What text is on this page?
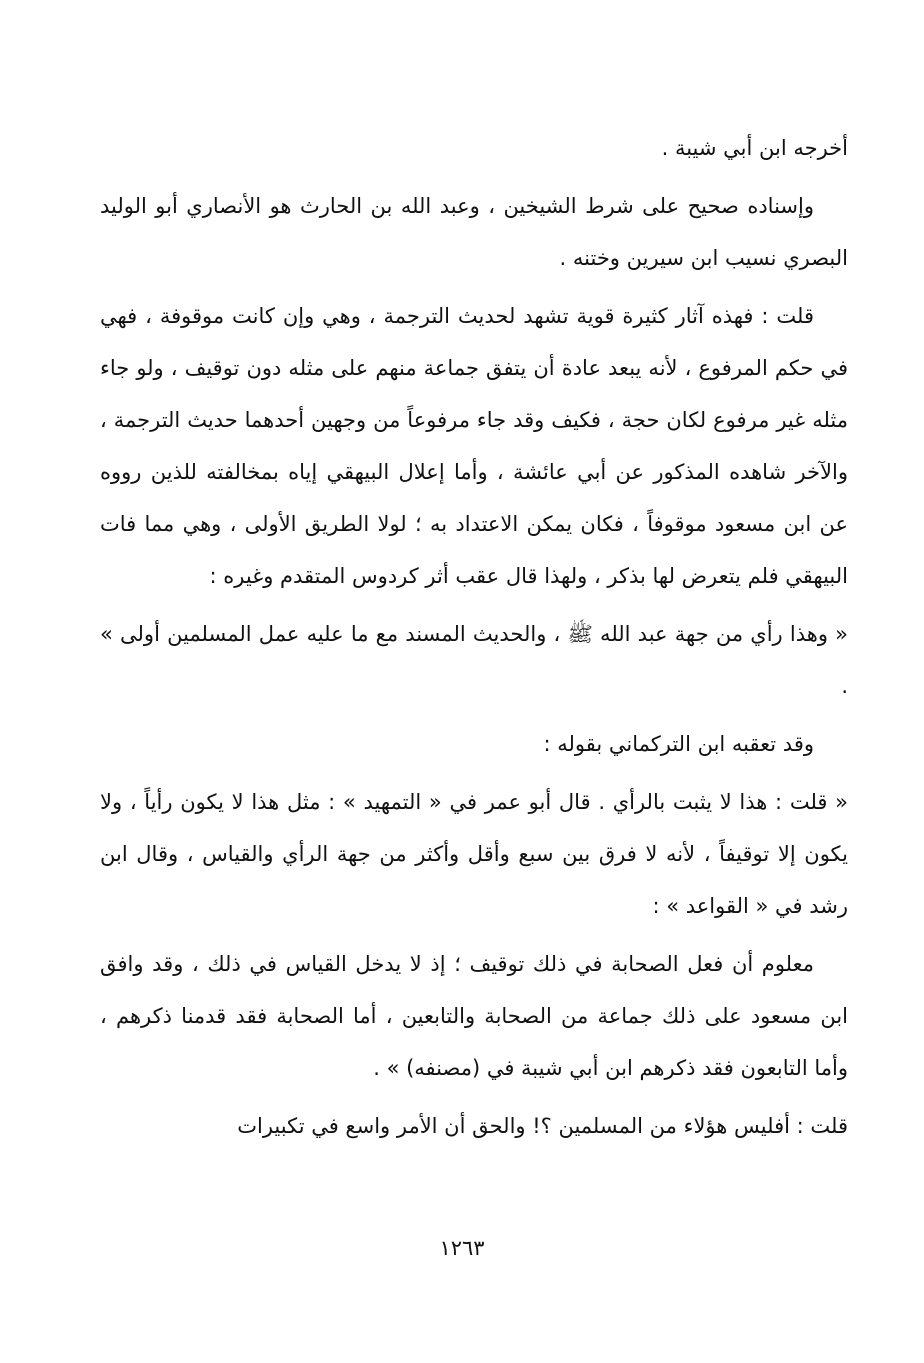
أخرجه ابن أبي شيبة .

وإسناده صحيح على شرط الشيخين ، وعبد الله بن الحارث هو الأنصاري أبو الوليد البصري نسيب ابن سيرين وختنه .

قلت : فهذه آثار كثيرة قوية تشهد لحديث الترجمة ، وهي وإن كانت موقوفة ، فهي في حكم المرفوع ، لأنه يبعد عادة أن يتفق جماعة منهم على مثله دون توقيف ، ولو جاء مثله غير مرفوع لكان حجة ، فكيف وقد جاء مرفوعاً من وجهين أحدهما حديث الترجمة ، والآخر شاهده المذكور عن أبي عائشة ، وأما إعلال البيهقي إياه بمخالفته للذين رووه عن ابن مسعود موقوفاً ، فكان يمكن الاعتداد به ؛ لولا الطريق الأولى ، وهي مما فات البيهقي فلم يتعرض لها بذكر ، ولهذا قال عقب أثر كردوس المتقدم وغيره :

« وهذا رأي من جهة عبد الله ﷺ ، والحديث المسند مع ما عليه عمل المسلمين أولى » .

وقد تعقبه ابن التركماني بقوله :

« قلت : هذا لا يثبت بالرأي . قال أبو عمر في « التمهيد » : مثل هذا لا يكون رأياً ، ولا يكون إلا توقيفاً ، لأنه لا فرق بين سبع وأقل وأكثر من جهة الرأي والقياس ، وقال ابن رشد في « القواعد » :

معلوم أن فعل الصحابة في ذلك توقيف ؛ إذ لا يدخل القياس في ذلك ، وقد وافق ابن مسعود على ذلك جماعة من الصحابة والتابعين ، أما الصحابة فقد قدمنا ذكرهم ، وأما التابعون فقد ذكرهم ابن أبي شيبة في (مصنفه) » .

قلت : أفليس هؤلاء من المسلمين ؟! والحق أن الأمر واسع في تكبيرات

١٢٦٣
